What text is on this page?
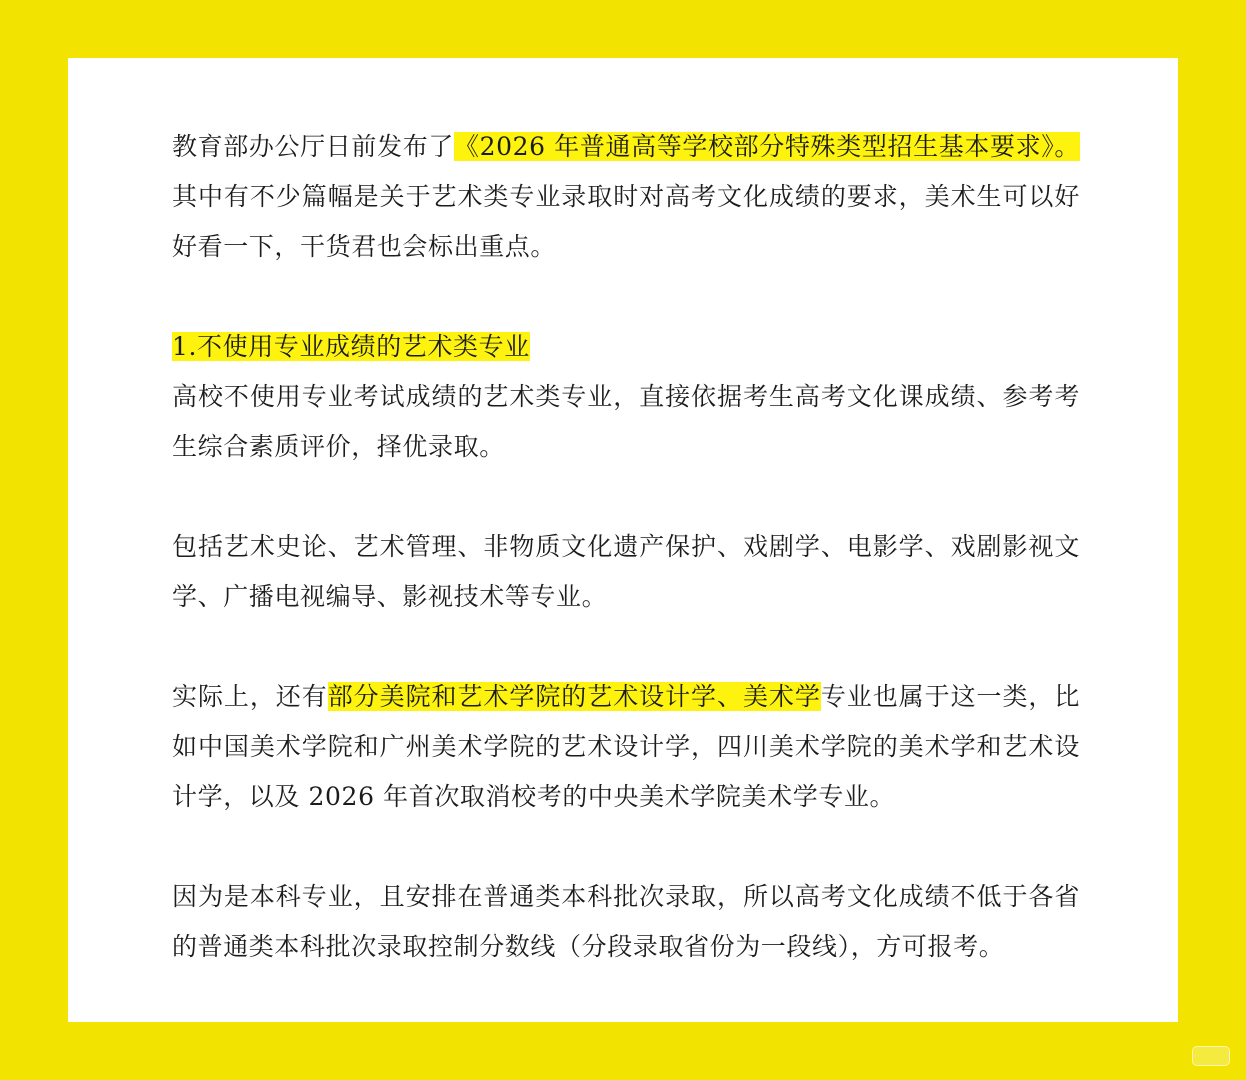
教育部办公厅日前发布了《2026 年普通高等学校部分特殊类型招生基本要求》。其中有不少篇幅是关于艺术类专业录取时对高考文化成绩的要求，美术生可以好好看一下，干货君也会标出重点。

1.不使用专业成绩的艺术类专业

高校不使用专业考试成绩的艺术类专业，直接依据考生高考文化课成绩、参考考生综合素质评价，择优录取。

包括艺术史论、艺术管理、非物质文化遗产保护、戏剧学、电影学、戏剧影视文学、广播电视编导、影视技术等专业。

实际上，还有部分美院和艺术学院的艺术设计学、美术学专业也属于这一类，比如中国美术学院和广州美术学院的艺术设计学，四川美术学院的美术学和艺术设计学，以及 2026 年首次取消校考的中央美术学院美术学专业。

因为是本科专业，且安排在普通类本科批次录取，所以高考文化成绩不低于各省的普通类本科批次录取控制分数线（分段录取省份为一段线），方可报考。
